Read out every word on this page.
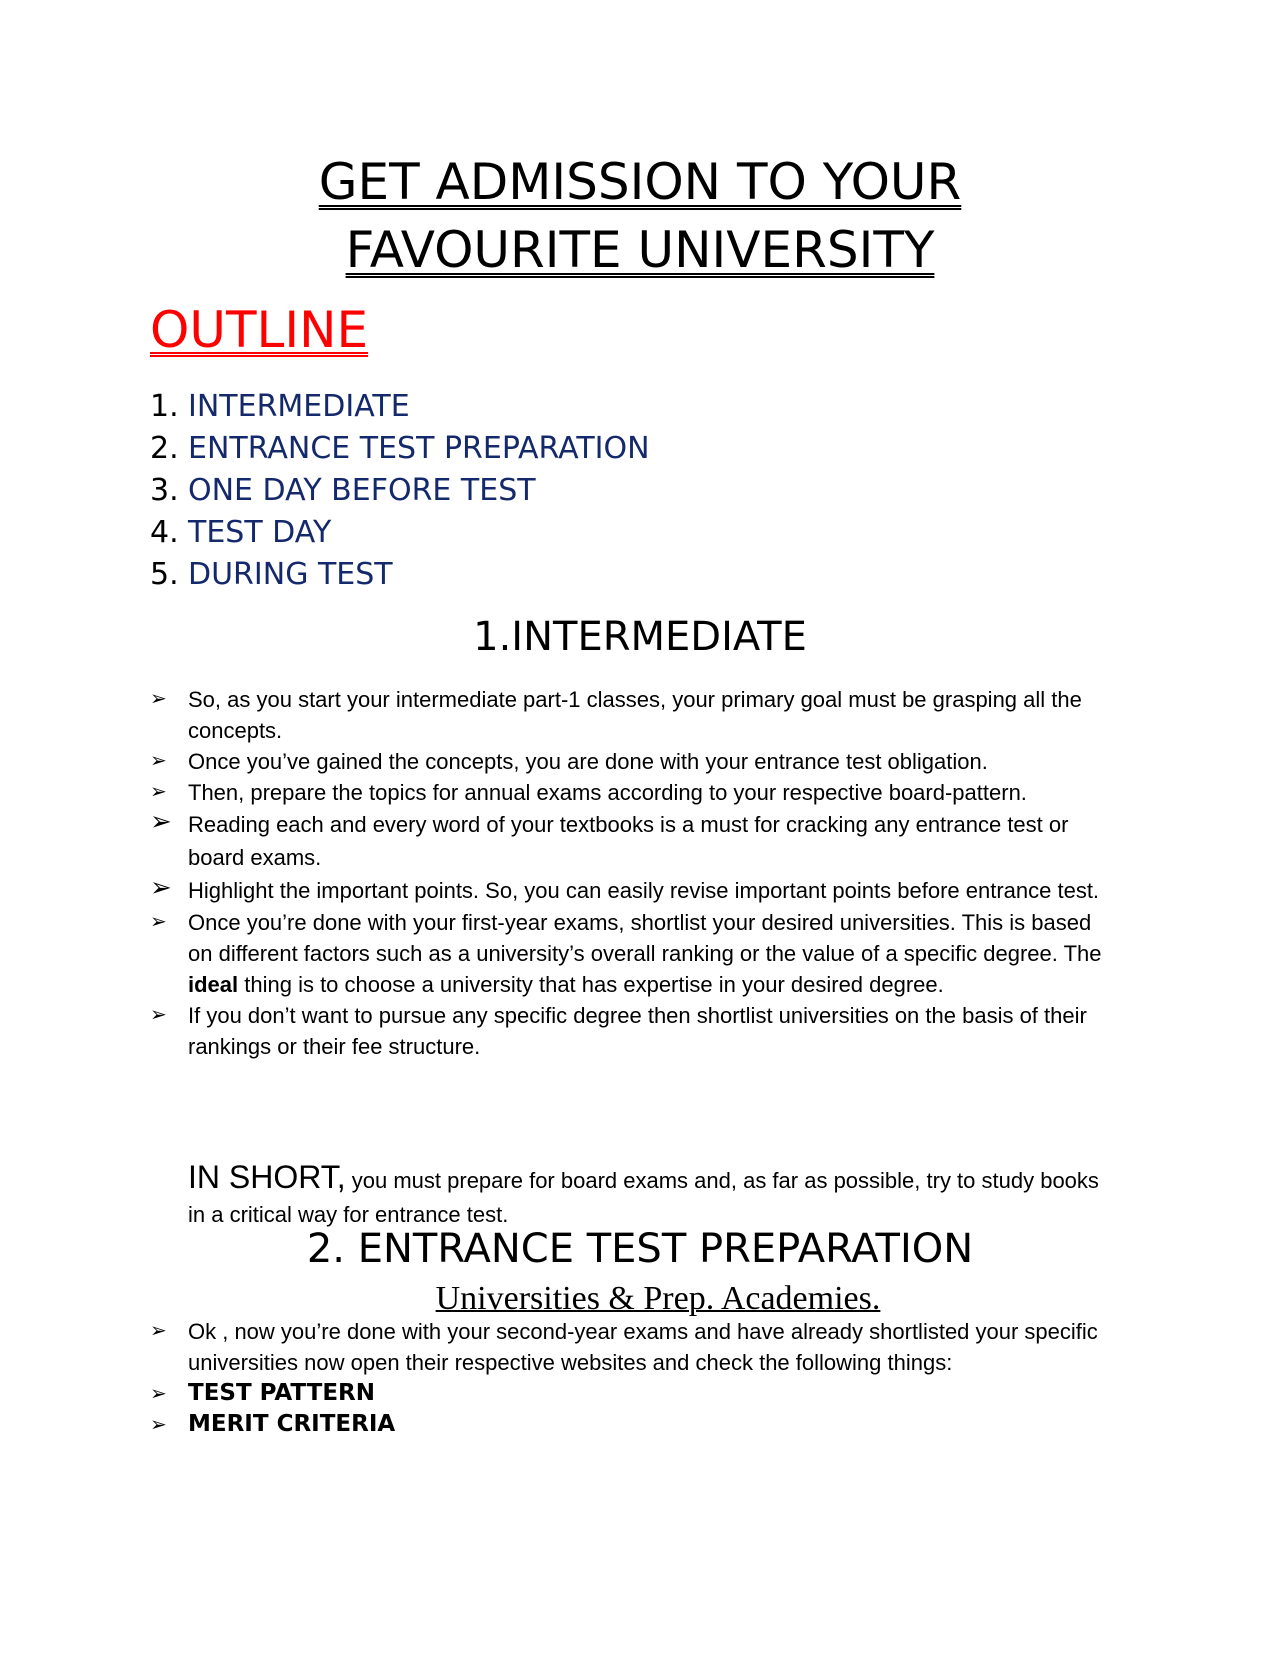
GET ADMISSION TO YOUR
FAVOURITE UNIVERSITY
OUTLINE
1. INTERMEDIATE
2. ENTRANCE TEST PREPARATION
3. ONE DAY BEFORE TEST
4. TEST DAY
5. DURING TEST
1.INTERMEDIATE
➢ So, as you start your intermediate part-1 classes, your primary goal must be grasping all the concepts.
➢ Once you’ve gained the concepts, you are done with your entrance test obligation.
➢ Then, prepare the topics for annual exams according to your respective board-pattern.
➢ Reading each and every word of your textbooks is a must for cracking any entrance test or board exams.
➢ Highlight the important points. So, you can easily revise important points before entrance test.
➢ Once you’re done with your first-year exams, shortlist your desired universities. This is based on different factors such as a university’s overall ranking or the value of a specific degree. The ideal thing is to choose a university that has expertise in your desired degree.
➢ If you don’t want to pursue any specific degree then shortlist universities on the basis of their rankings or their fee structure.
IN SHORT, you must prepare for board exams and, as far as possible, try to study books in a critical way for entrance test.
2. ENTRANCE TEST PREPARATION
Universities & Prep. Academies.
➢ Ok , now you’re done with your second-year exams and have already shortlisted your specific universities now open their respective websites and check the following things:
➢ TEST PATTERN
➢ MERIT CRITERIA
